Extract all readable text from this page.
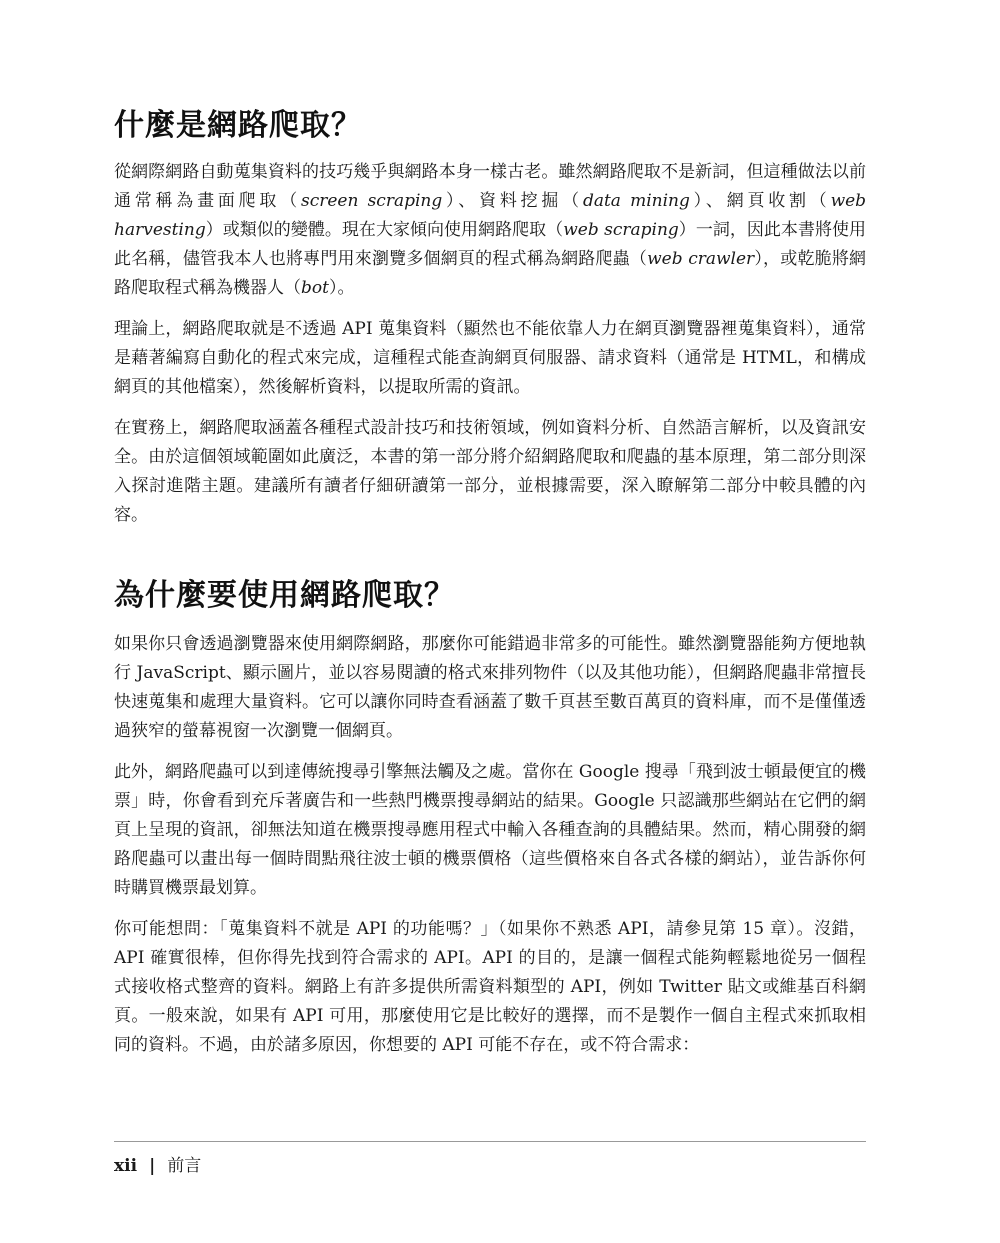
什麼是網路爬取？

從網際網路自動蒐集資料的技巧幾乎與網路本身一樣古老。雖然網路爬取不是新詞，但這種做法以前通常稱為畫面爬取（screen scraping）、資料挖掘（data mining）、網頁收割（web harvesting）或類似的變體。現在大家傾向使用網路爬取（web scraping）一詞，因此本書將使用此名稱，儘管我本人也將專門用來瀏覽多個網頁的程式稱為網路爬蟲（web crawler），或乾脆將網路爬取程式稱為機器人（bot）。

理論上，網路爬取就是不透過 API 蒐集資料（顯然也不能依靠人力在網頁瀏覽器裡蒐集資料），通常是藉著編寫自動化的程式來完成，這種程式能查詢網頁伺服器、請求資料（通常是 HTML，和構成網頁的其他檔案），然後解析資料，以提取所需的資訊。

在實務上，網路爬取涵蓋各種程式設計技巧和技術領域，例如資料分析、自然語言解析，以及資訊安全。由於這個領域範圍如此廣泛，本書的第一部分將介紹網路爬取和爬蟲的基本原理，第二部分則深入探討進階主題。建議所有讀者仔細研讀第一部分，並根據需要，深入瞭解第二部分中較具體的內容。

為什麼要使用網路爬取？

如果你只會透過瀏覽器來使用網際網路，那麼你可能錯過非常多的可能性。雖然瀏覽器能夠方便地執行 JavaScript、顯示圖片，並以容易閱讀的格式來排列物件（以及其他功能），但網路爬蟲非常擅長快速蒐集和處理大量資料。它可以讓你同時查看涵蓋了數千頁甚至數百萬頁的資料庫，而不是僅僅透過狹窄的螢幕視窗一次瀏覽一個網頁。

此外，網路爬蟲可以到達傳統搜尋引擎無法觸及之處。當你在 Google 搜尋「飛到波士頓最便宜的機票」時，你會看到充斥著廣告和一些熱門機票搜尋網站的結果。Google 只認識那些網站在它們的網頁上呈現的資訊，卻無法知道在機票搜尋應用程式中輸入各種查詢的具體結果。然而，精心開發的網路爬蟲可以畫出每一個時間點飛往波士頓的機票價格（這些價格來自各式各樣的網站），並告訴你何時購買機票最划算。

你可能想問：「蒐集資料不就是 API 的功能嗎？」（如果你不熟悉 API，請參見第 15 章）。沒錯，API 確實很棒，但你得先找到符合需求的 API。API 的目的，是讓一個程式能夠輕鬆地從另一個程式接收格式整齊的資料。網路上有許多提供所需資料類型的 API，例如 Twitter 貼文或維基百科網頁。一般來說，如果有 API 可用，那麼使用它是比較好的選擇，而不是製作一個自主程式來抓取相同的資料。不過，由於諸多原因，你想要的 API 可能不存在，或不符合需求：

xii | 前言
